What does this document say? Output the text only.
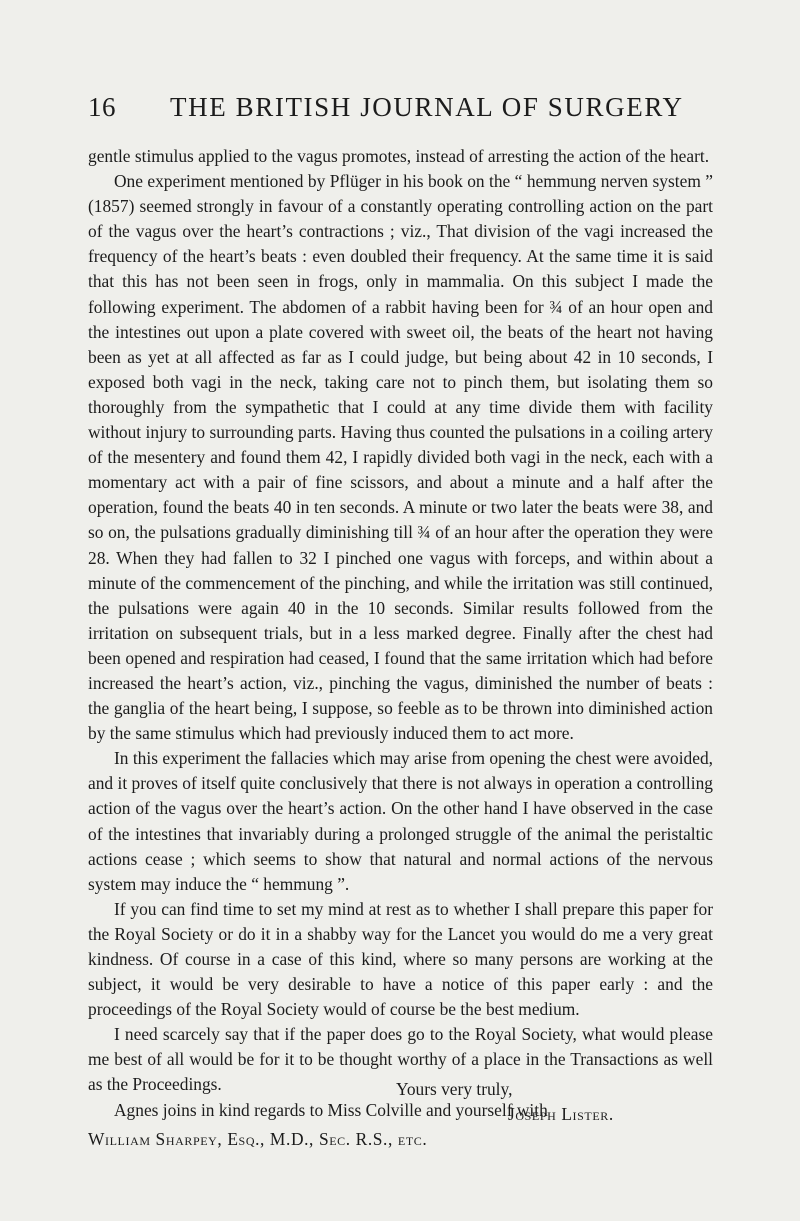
16 THE BRITISH JOURNAL OF SURGERY

gentle stimulus applied to the vagus promotes, instead of arresting the action of the heart.

One experiment mentioned by Pflüger in his book on the “ hemmung nerven system ” (1857) seemed strongly in favour of a constantly operating controlling action on the part of the vagus over the heart’s contractions ; viz., That division of the vagi increased the frequency of the heart’s beats : even doubled their frequency. At the same time it is said that this has not been seen in frogs, only in mammalia. On this subject I made the following experiment. The abdomen of a rabbit having been for ¾ of an hour open and the intestines out upon a plate covered with sweet oil, the beats of the heart not having been as yet at all affected as far as I could judge, but being about 42 in 10 seconds, I exposed both vagi in the neck, taking care not to pinch them, but isolating them so thoroughly from the sympathetic that I could at any time divide them with facility without injury to surrounding parts. Having thus counted the pulsations in a coiling artery of the mesentery and found them 42, I rapidly divided both vagi in the neck, each with a momentary act with a pair of fine scissors, and about a minute and a half after the operation, found the beats 40 in ten seconds. A minute or two later the beats were 38, and so on, the pulsations gradually diminishing till ¾ of an hour after the operation they were 28. When they had fallen to 32 I pinched one vagus with forceps, and within about a minute of the commencement of the pinching, and while the irritation was still continued, the pulsations were again 40 in the 10 seconds. Similar results followed from the irritation on subsequent trials, but in a less marked degree. Finally after the chest had been opened and respiration had ceased, I found that the same irritation which had before increased the heart’s action, viz., pinching the vagus, diminished the number of beats : the ganglia of the heart being, I suppose, so feeble as to be thrown into diminished action by the same stimulus which had previously induced them to act more.

In this experiment the fallacies which may arise from opening the chest were avoided, and it proves of itself quite conclusively that there is not always in operation a controlling action of the vagus over the heart’s action. On the other hand I have observed in the case of the intestines that invariably during a prolonged struggle of the animal the peristaltic actions cease ; which seems to show that natural and normal actions of the nervous system may induce the “ hemmung ”.

If you can find time to set my mind at rest as to whether I shall prepare this paper for the Royal Society or do it in a shabby way for the Lancet you would do me a very great kindness. Of course in a case of this kind, where so many persons are working at the subject, it would be very desirable to have a notice of this paper early : and the proceedings of the Royal Society would of course be the best medium.

I need scarcely say that if the paper does go to the Royal Society, what would please me best of all would be for it to be thought worthy of a place in the Transactions as well as the Proceedings.

Agnes joins in kind regards to Miss Colville and yourself with

Yours very truly,
Joseph Lister.
William Sharpey, Esq., M.D., Sec. R.S., etc.
